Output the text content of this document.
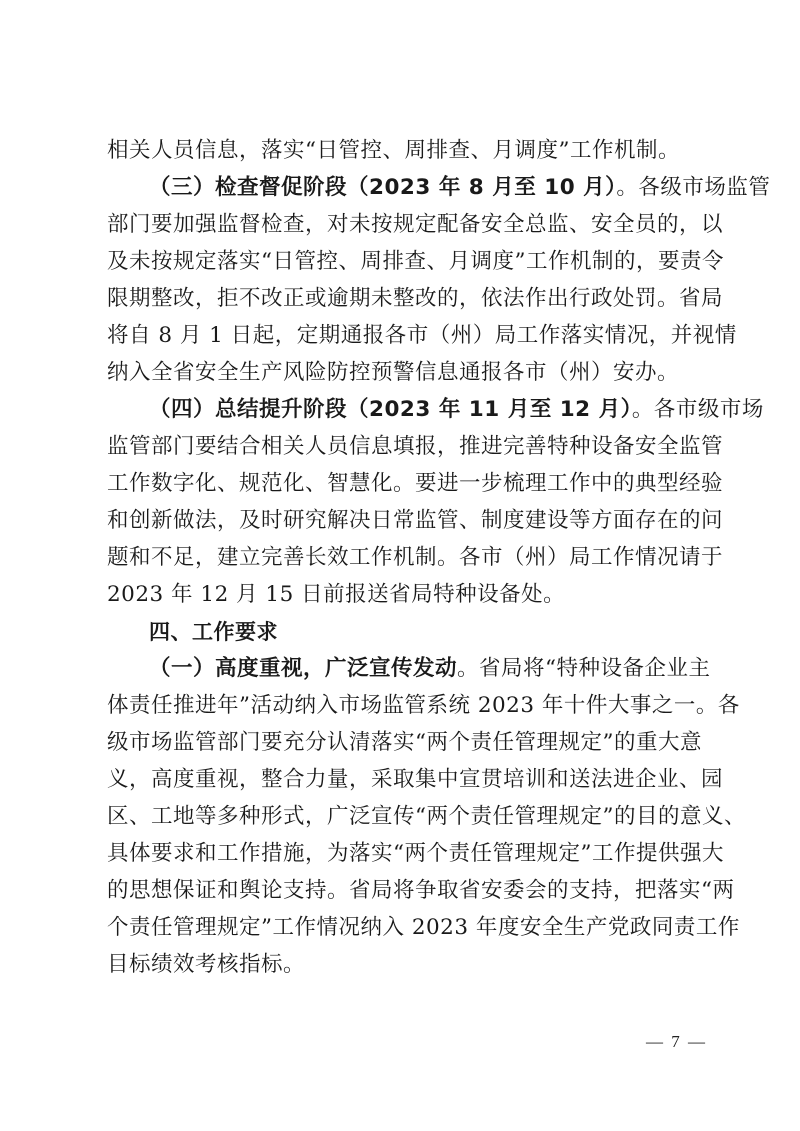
相关人员信息，落实“日管控、周排查、月调度”工作机制。
（三）检查督促阶段（2023 年 8 月至 10 月）。各级市场监管
部门要加强监督检查，对未按规定配备安全总监、安全员的，以
及未按规定落实“日管控、周排查、月调度”工作机制的，要责令
限期整改，拒不改正或逾期未整改的，依法作出行政处罚。省局
将自 8 月 1 日起，定期通报各市（州）局工作落实情况，并视情
纳入全省安全生产风险防控预警信息通报各市（州）安办。
（四）总结提升阶段（2023 年 11 月至 12 月）。各市级市场
监管部门要结合相关人员信息填报，推进完善特种设备安全监管
工作数字化、规范化、智慧化。要进一步梳理工作中的典型经验
和创新做法，及时研究解决日常监管、制度建设等方面存在的问
题和不足，建立完善长效工作机制。各市（州）局工作情况请于
2023 年 12 月 15 日前报送省局特种设备处。
四、工作要求
（一）高度重视，广泛宣传发动。省局将“特种设备企业主
体责任推进年”活动纳入市场监管系统 2023 年十件大事之一。各
级市场监管部门要充分认清落实“两个责任管理规定”的重大意
义，高度重视，整合力量，采取集中宣贯培训和送法进企业、园
区、工地等多种形式，广泛宣传“两个责任管理规定”的目的意义、
具体要求和工作措施，为落实“两个责任管理规定”工作提供强大
的思想保证和舆论支持。省局将争取省安委会的支持，把落实“两
个责任管理规定”工作情况纳入 2023 年度安全生产党政同责工作
目标绩效考核指标。
— 7 —
